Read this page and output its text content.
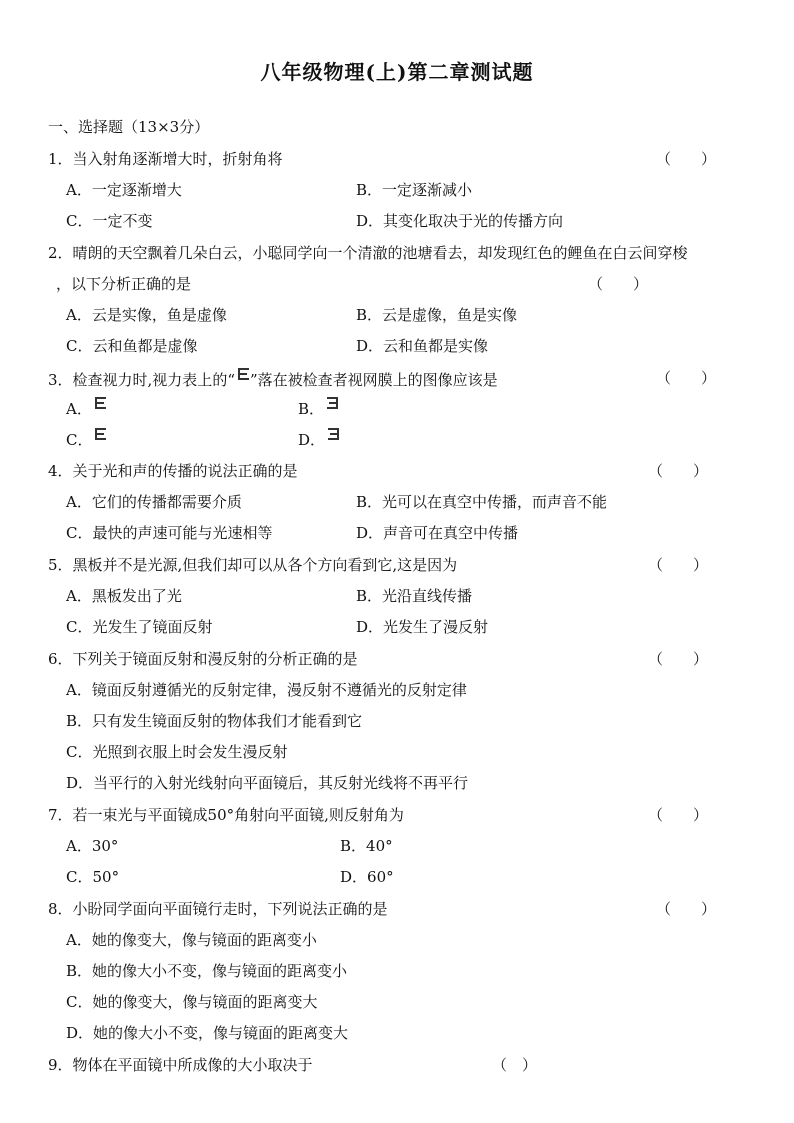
八年级物理(上)第二章测试题
一、选择题（13×3分）
1．当入射角逐渐增大时，折射角将	（　　）
A．一定逐渐增大	B．一定逐渐减小
C．一定不变	D．其变化取决于光的传播方向
2．晴朗的天空飘着几朵白云，小聪同学向一个清澈的池塘看去，却发现红色的鲤鱼在白云间穿梭
，以下分析正确的是	（　　）
A．云是实像，鱼是虚像	B．云是虚像，鱼是实像
C．云和鱼都是虚像	D．云和鱼都是实像
3．检查视力时,视力表上的“ ”落在被检查者视网膜上的图像应该是	（　　）
A．	B．
C．	D．
4．关于光和声的传播的说法正确的是	（　　）
A．它们的传播都需要介质	B．光可以在真空中传播，而声音不能
C．最快的声速可能与光速相等	D．声音可在真空中传播
5．黑板并不是光源,但我们却可以从各个方向看到它,这是因为	（　　）
A．黑板发出了光	B．光沿直线传播
C．光发生了镜面反射	D．光发生了漫反射
6．下列关于镜面反射和漫反射的分析正确的是	（　　）
A．镜面反射遵循光的反射定律，漫反射不遵循光的反射定律
B．只有发生镜面反射的物体我们才能看到它
C．光照到衣服上时会发生漫反射
D．当平行的入射光线射向平面镜后，其反射光线将不再平行
7．若一束光与平面镜成50°角射向平面镜,则反射角为	（　　）
A．30°	B．40°
C．50°	D．60°
8．小盼同学面向平面镜行走时，下列说法正确的是	（　　）
A．她的像变大，像与镜面的距离变小
B．她的像大小不变，像与镜面的距离变小
C．她的像变大，像与镜面的距离变大
D．她的像大小不变，像与镜面的距离变大
9．物体在平面镜中所成像的大小取决于	（　）
